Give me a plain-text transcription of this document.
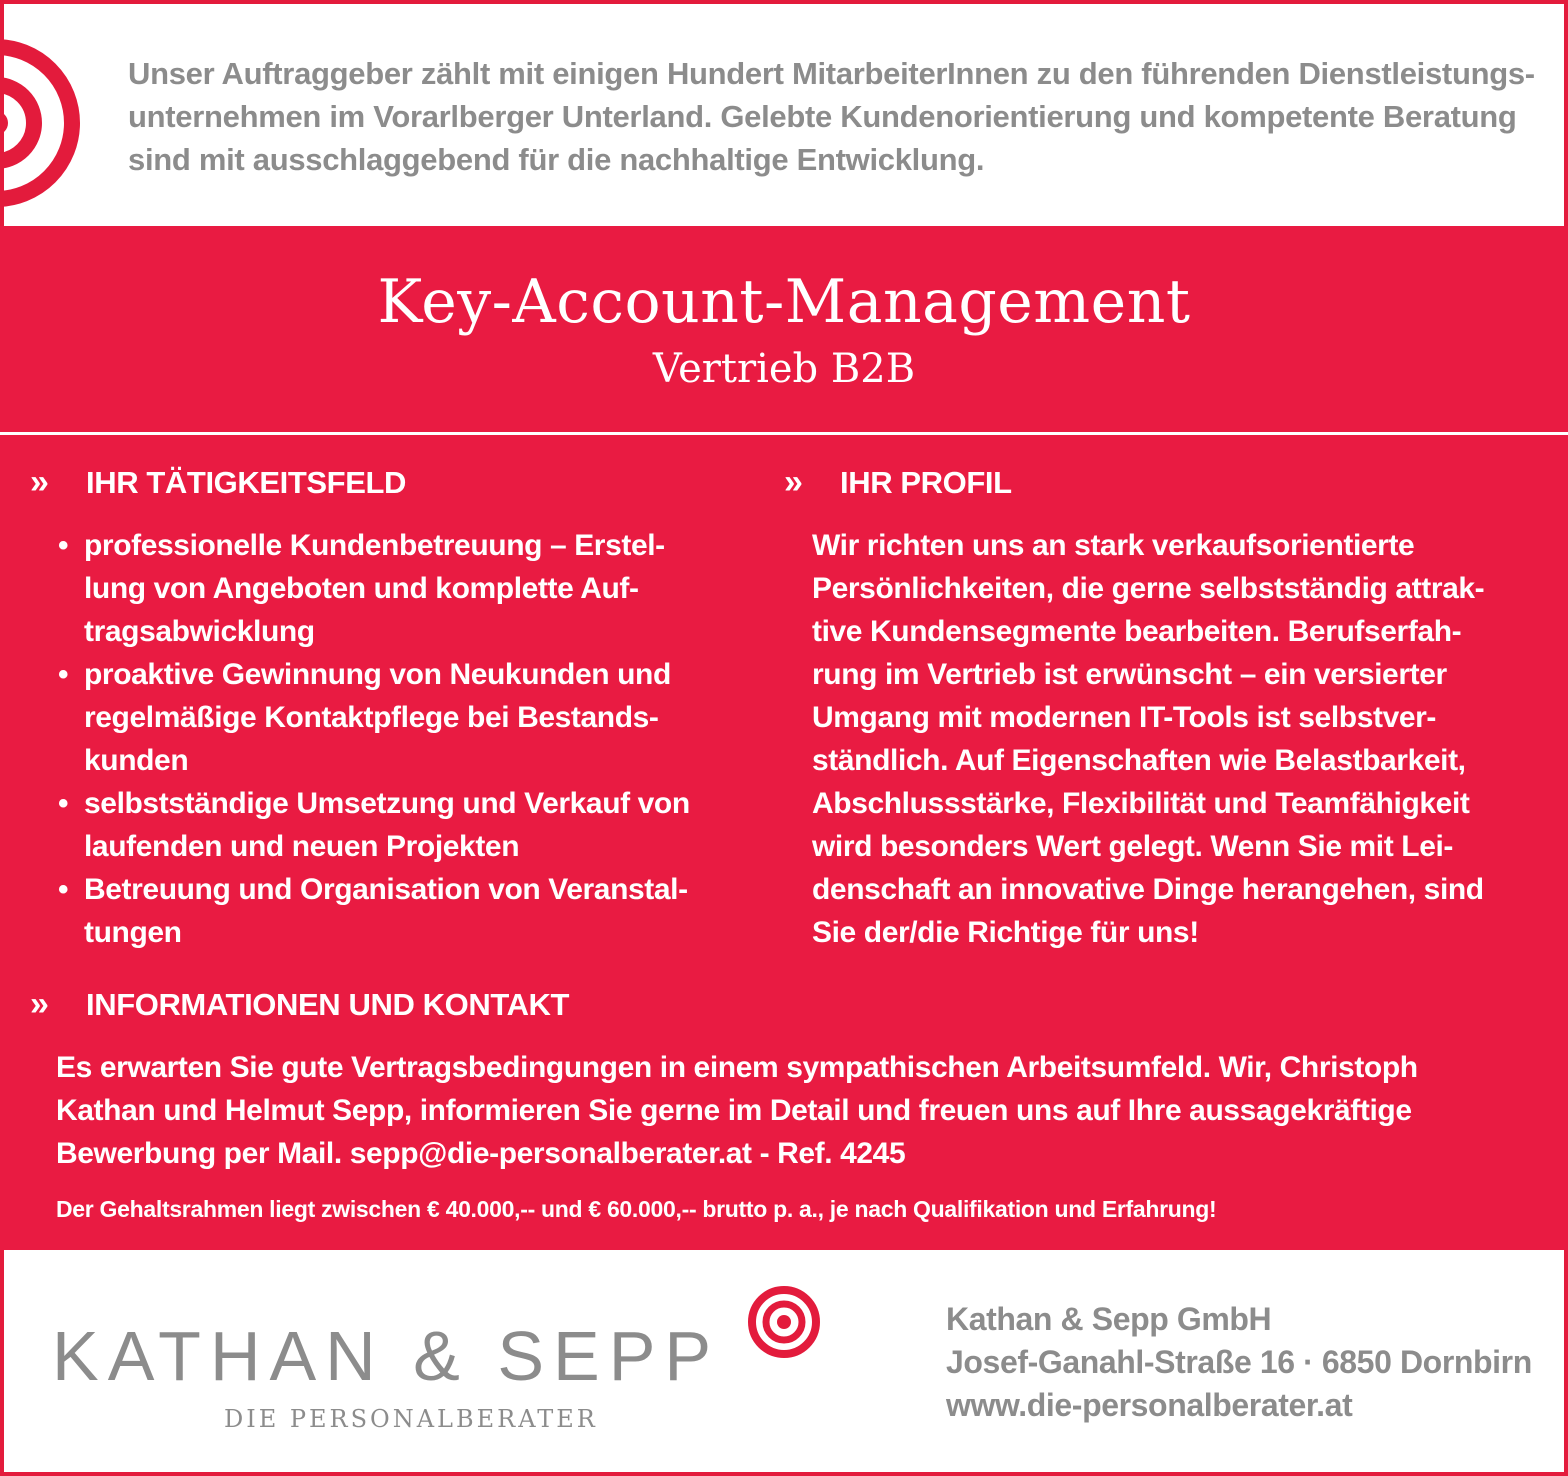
Unser Auftraggeber zählt mit einigen Hundert MitarbeiterInnen zu den führenden Dienstleistungs-

unternehmen im Vorarlberger Unterland. Gelebte Kundenorientierung und kompetente Beratung

sind mit ausschlaggebend für die nachhaltige Entwicklung.

Key-Account-Management
Vertrieb B2B
» IHR TÄTIGKEITSFELD
• professionelle Kundenbetreuung – Erstel-
lung von Angeboten und komplette Auf-
tragsabwicklung
• proaktive Gewinnung von Neukunden und
regelmäßige Kontaktpflege bei Bestands-
kunden
• selbstständige Umsetzung und Verkauf von
laufenden und neuen Projekten
• Betreuung und Organisation von Veranstal-
tungen
» IHR PROFIL

Wir richten uns an stark verkaufsorientierte

Persönlichkeiten, die gerne selbstständig attrak-

tive Kundensegmente bearbeiten. Berufserfah-

rung im Vertrieb ist erwünscht – ein versierter

Umgang mit modernen IT-Tools ist selbstver-

ständlich. Auf Eigenschaften wie Belastbarkeit,

Abschlussstärke, Flexibilität und Teamfähigkeit

wird besonders Wert gelegt. Wenn Sie mit Lei-

denschaft an innovative Dinge herangehen, sind

Sie der/die Richtige für uns!

» INFORMATIONEN UND KONTAKT

Es erwarten Sie gute Vertragsbedingungen in einem sympathischen Arbeitsumfeld. Wir, Christoph

Kathan und Helmut Sepp, informieren Sie gerne im Detail und freuen uns auf Ihre aussagekräftige

Bewerbung per Mail. sepp@die-personalberater.at - Ref. 4245

Der Gehaltsrahmen liegt zwischen € 40.000,-- und € 60.000,-- brutto p. a., je nach Qualifikation und Erfahrung!
KATHAN & SEPP
DIE PERSONALBERATER
Kathan & Sepp GmbH
Josef-Ganahl-Straße 16 · 6850 Dornbirn
www.die-personalberater.at
